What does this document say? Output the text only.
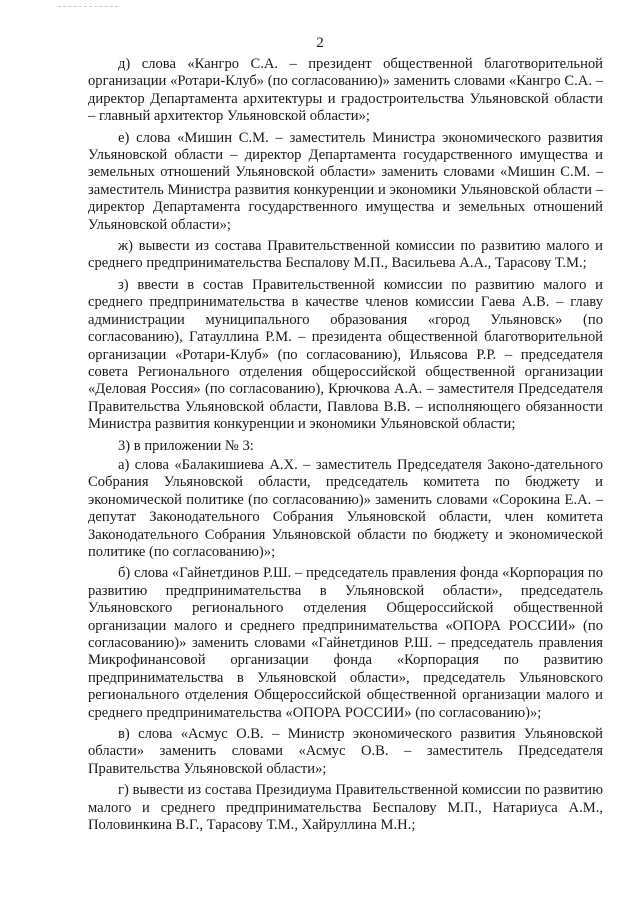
2

д) слова «Кангро С.А. – президент общественной благотворительной организации «Ротари-Клуб» (по согласованию)» заменить словами «Кангро С.А. – директор Департамента архитектуры и градостроительства Ульяновской области – главный архитектор Ульяновской области»;

е) слова «Мишин С.М. – заместитель Министра экономического развития Ульяновской области – директор Департамента государственного имущества и земельных отношений Ульяновской области» заменить словами «Мишин С.М. – заместитель Министра развития конкуренции и экономики Ульяновской области – директор Департамента государственного имущества и земельных отношений Ульяновской области»;

ж) вывести из состава Правительственной комиссии по развитию малого и среднего предпринимательства Беспалову М.П., Васильева А.А., Тарасову Т.М.;

з) ввести в состав Правительственной комиссии по развитию малого и среднего предпринимательства в качестве членов комиссии Гаева А.В. – главу администрации муниципального образования «город Ульяновск» (по согласованию), Гатауллина Р.М. – президента общественной благотворительной организации «Ротари-Клуб» (по согласованию), Ильясова Р.Р. – председателя совета Регионального отделения общероссийской общественной организации «Деловая Россия» (по согласованию), Крючкова А.А. – заместителя Председателя Правительства Ульяновской области, Павлова В.В. – исполняющего обязанности Министра развития конкуренции и экономики Ульяновской области;

3) в приложении № 3:

а) слова «Балакишиева А.Х. – заместитель Председателя Законо-дательного Собрания Ульяновской области, председатель комитета по бюджету и экономической политике (по согласованию)» заменить словами «Сорокина Е.А. – депутат Законодательного Собрания Ульяновской области, член комитета Законодательного Собрания Ульяновской области по бюджету и экономической политике (по согласованию)»;

б) слова «Гайнетдинов Р.Ш. – председатель правления фонда «Корпорация по развитию предпринимательства в Ульяновской области», председатель Ульяновского регионального отделения Общероссийской общественной организации малого и среднего предпринимательства «ОПОРА РОССИИ» (по согласованию)» заменить словами «Гайнетдинов Р.Ш. – председатель правления Микрофинансовой организации фонда «Корпорация по развитию предпринимательства в Ульяновской области», председатель Ульяновского регионального отделения Общероссийской общественной организации малого и среднего предпринимательства «ОПОРА РОССИИ» (по согласованию)»;

в) слова «Асмус О.В. – Министр экономического развития Ульяновской области» заменить словами «Асмус О.В. – заместитель Председателя Правительства Ульяновской области»;

г) вывести из состава Президиума Правительственной комиссии по развитию малого и среднего предпринимательства Беспалову М.П., Натариуса А.М., Половинкина В.Г., Тарасову Т.М., Хайруллина М.Н.;
